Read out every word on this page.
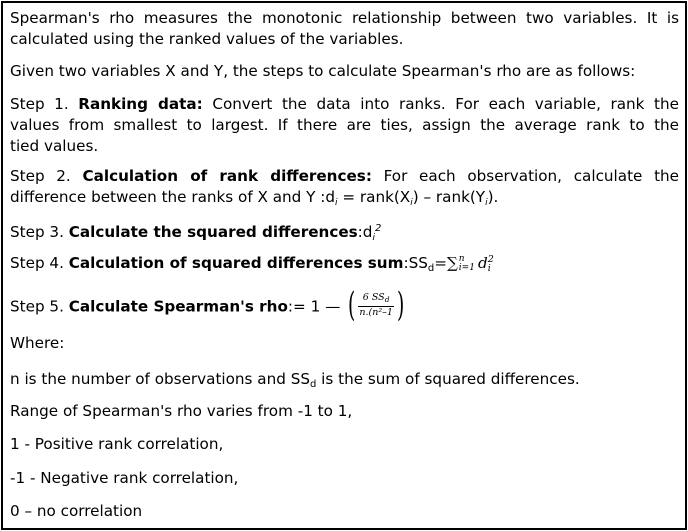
Spearman's rho measures the monotonic relationship between two variables. It is
calculated using the ranked values of the variables.
Given two variables X and Y, the steps to calculate Spearman's rho are as follows:
Step 1. Ranking data: Convert the data into ranks. For each variable, rank the
values from smallest to largest. If there are ties, assign the average rank to the
tied values.
Step 2. Calculation of rank differences: For each observation, calculate the
difference between the ranks of X and Y $:d_i$ = $rank(X_i)$ – $rank(Y_i)$.
Step 3. Calculate the squared $differences:d_i^2$
Step 4. Calculation of squared differences sum:SSd=∑ n
i=1 d 2
i
Step 5. Calculate Spearman's rho:= 1 — ( $\frac{6 SS_d}{\text{n.(n²–1}}$ )
Where:
n is the number of observations and SSd is the sum of squared differences.
Range of Spearman's rho varies from -1 to 1,
1 - Positive rank correlation,
-1 - Negative rank correlation,
0 – no correlation
